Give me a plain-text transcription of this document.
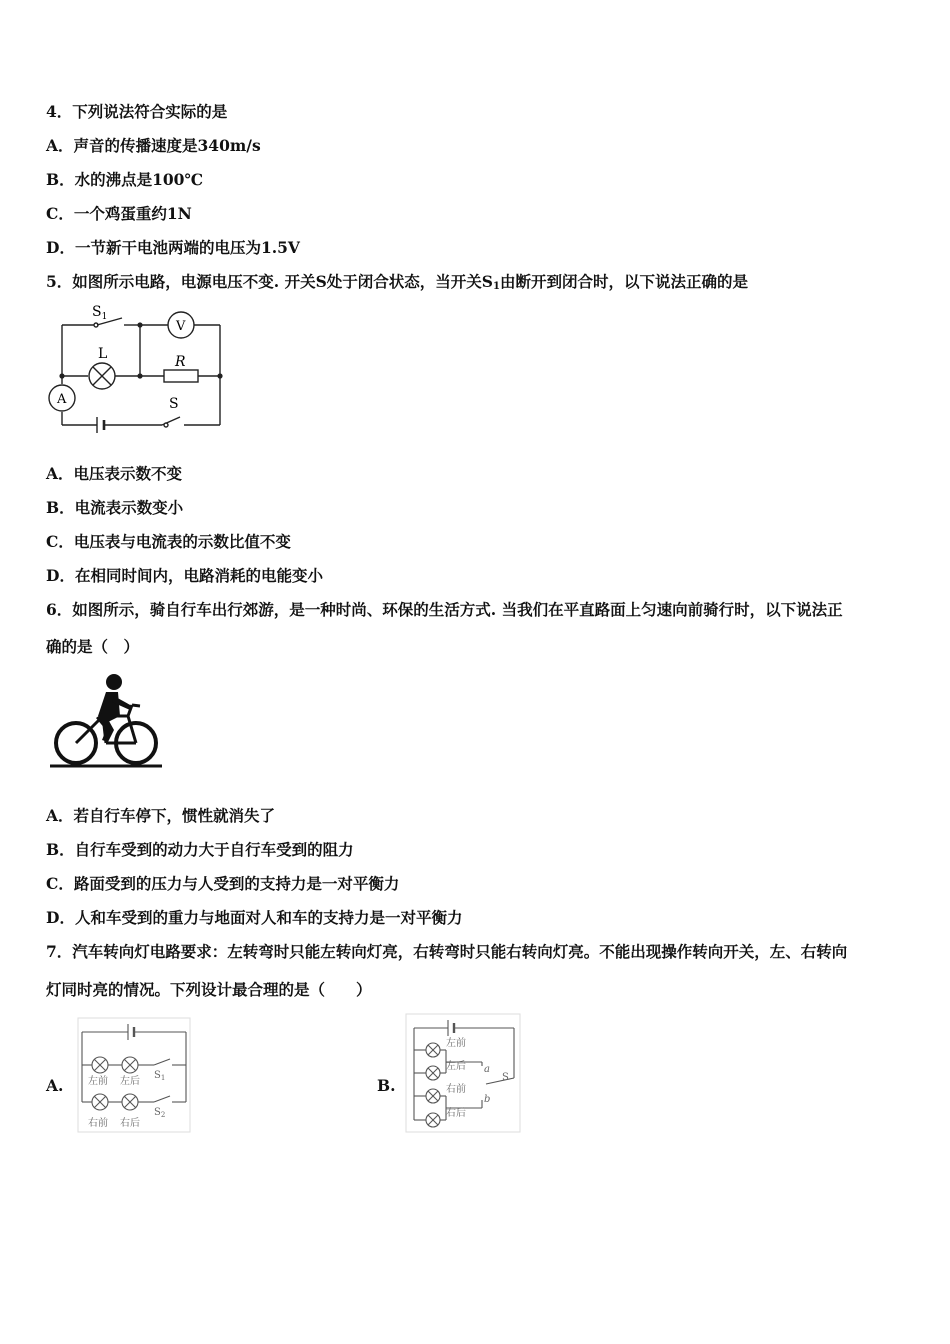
4．下列说法符合实际的是
A．声音的传播速度是340m/s
B．水的沸点是100℃
C．一个鸡蛋重约1N
D．一节新干电池两端的电压为1.5V
5．如图所示电路，电源电压不变. 开关S处于闭合状态，当开关$S_1$由断开到闭合时，以下说法正确的是
$S_1$
L	R
V
A	S
A．电压表示数不变
B．电流表示数变小
C．电压表与电流表的示数比值不变
D．在相同时间内，电路消耗的电能变小
6．如图所示，骑自行车出行郊游，是一种时尚、环保的生活方式. 当我们在平直路面上匀速向前骑行时，以下说法正
确的是（　）
A．若自行车停下，惯性就消失了
B．自行车受到的动力大于自行车受到的阻力
C．路面受到的压力与人受到的支持力是一对平衡力
D．人和车受到的重力与地面对人和车的支持力是一对平衡力
7．汽车转向灯电路要求：左转弯时只能左转向灯亮，右转弯时只能右转向灯亮。不能出现操作转向开关，左、右转向
灯同时亮的情况。下列设计最合理的是（　　）
A. 左前 左后
右前 右后
$S_1$
$S_2$
B.
左前
左后
右前
右后
a
b
S
